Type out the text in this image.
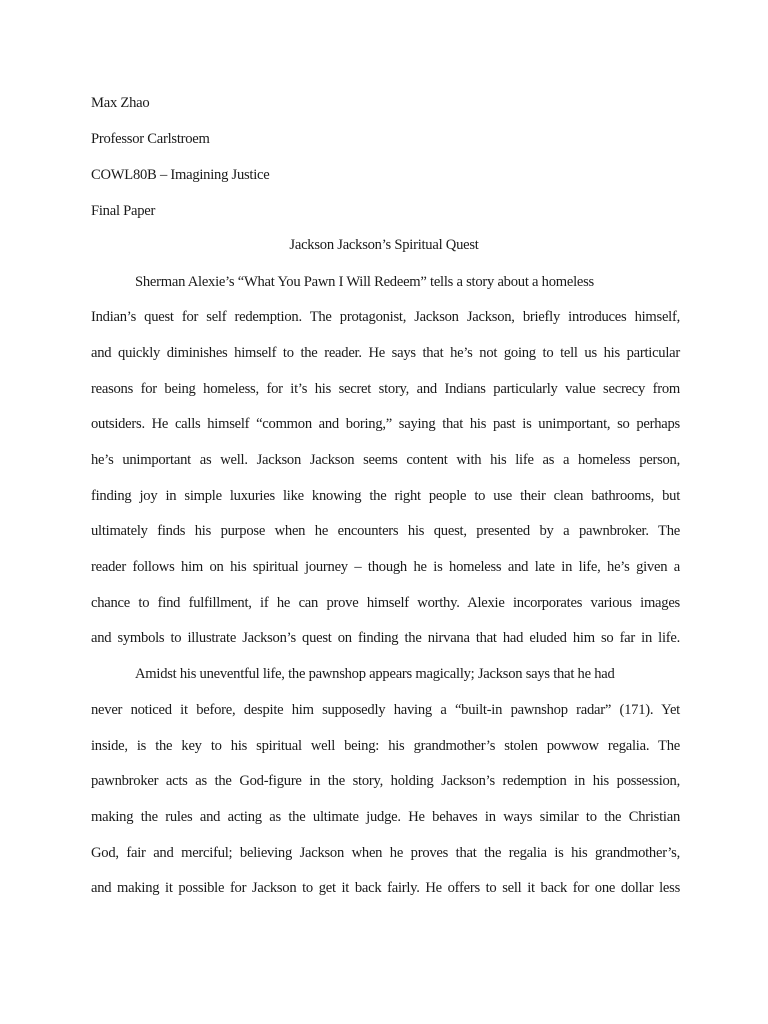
Max Zhao
Professor Carlstroem
COWL80B – Imagining Justice
Final Paper
Jackson Jackson’s Spiritual Quest
Sherman Alexie’s “What You Pawn I Will Redeem” tells a story about a homeless
Indian’s quest for self redemption. The protagonist, Jackson Jackson, briefly introduces himself,
and quickly diminishes himself to the reader. He says that he’s not going to tell us his particular
reasons for being homeless, for it’s his secret story, and Indians particularly value secrecy from
outsiders. He calls himself “common and boring,” saying that his past is unimportant, so perhaps
he’s unimportant as well. Jackson Jackson seems content with his life as a homeless person,
finding joy in simple luxuries like knowing the right people to use their clean bathrooms, but
ultimately finds his purpose when he encounters his quest, presented by a pawnbroker. The
reader follows him on his spiritual journey – though he is homeless and late in life, he’s given a
chance to find fulfillment, if he can prove himself worthy. Alexie incorporates various images
and symbols to illustrate Jackson’s quest on finding the nirvana that had eluded him so far in life.
Amidst his uneventful life, the pawnshop appears magically; Jackson says that he had
never noticed it before, despite him supposedly having a “built-in pawnshop radar” (171). Yet
inside, is the key to his spiritual well being: his grandmother’s stolen powwow regalia. The
pawnbroker acts as the God-figure in the story, holding Jackson’s redemption in his possession,
making the rules and acting as the ultimate judge. He behaves in ways similar to the Christian
God, fair and merciful; believing Jackson when he proves that the regalia is his grandmother’s,
and making it possible for Jackson to get it back fairly. He offers to sell it back for one dollar less
